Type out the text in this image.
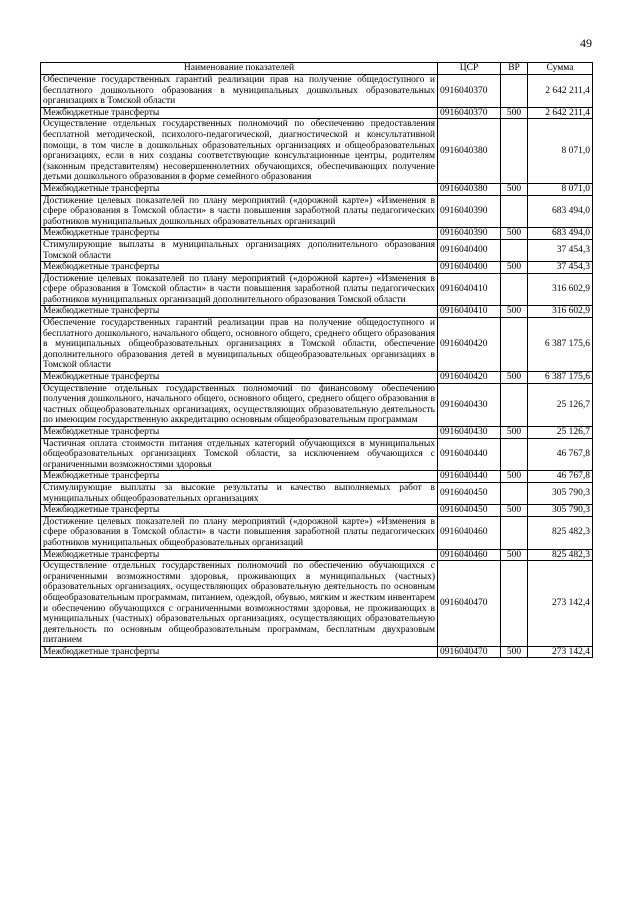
49
Наименование показателей	ЦСР	ВР	Сумма
Обеспечение государственных гарантий реализации прав на получение общедоступного и бесплатного дошкольного образования в муниципальных дошкольных образовательных организациях в Томской области	0916040370		2 642 211,4
Межбюджетные трансферты	0916040370	500	2 642 211,4
Осуществление отдельных государственных полномочий по обеспечению предоставления бесплатной методической, психолого-педагогической, диагностической и консультативной помощи, в том числе в дошкольных образовательных организациях и общеобразовательных организациях, если в них созданы соответствующие консультационные центры, родителям (законным представителям) несовершеннолетних обучающихся, обеспечивающих получение детьми дошкольного образования в форме семейного образования	0916040380		8 071,0
Межбюджетные трансферты	0916040380	500	8 071,0
Достижение целевых показателей по плану мероприятий («дорожной карте») «Изменения в сфере образования в Томской области» в части повышения заработной платы педагогических работников муниципальных дошкольных образовательных организаций	0916040390		683 494,0
Межбюджетные трансферты	0916040390	500	683 494,0
Стимулирующие выплаты в муниципальных организациях дополнительного образования Томской области	0916040400		37 454,3
Межбюджетные трансферты	0916040400	500	37 454,3
Достижение целевых показателей по плану мероприятий («дорожной карте») «Изменения в сфере образования в Томской области» в части повышения заработной платы педагогических работников муниципальных организаций дополнительного образования Томской области	0916040410		316 602,9
Межбюджетные трансферты	0916040410	500	316 602,9
Обеспечение государственных гарантий реализации прав на получение общедоступного и бесплатного дошкольного, начального общего, основного общего, среднего общего образования в муниципальных общеобразовательных организациях в Томской области, обеспечение дополнительного образования детей в муниципальных общеобразовательных организациях в Томской области	0916040420		6 387 175,6
Межбюджетные трансферты	0916040420	500	6 387 175,6
Осуществление отдельных государственных полномочий по финансовому обеспечению получения дошкольного, начального общего, основного общего, среднего общего образования в частных общеобразовательных организациях, осуществляющих образовательную деятельность по имеющим государственную аккредитацию основным общеобразовательным программам	0916040430		25 126,7
Межбюджетные трансферты	0916040430	500	25 126,7
Частичная оплата стоимости питания отдельных категорий обучающихся в муниципальных общеобразовательных организациях Томской области, за исключением обучающихся с ограниченными возможностями здоровья	0916040440		46 767,8
Межбюджетные трансферты	0916040440	500	46 767,8
Стимулирующие выплаты за высокие результаты и качество выполняемых работ в муниципальных общеобразовательных организациях	0916040450		305 790,3
Межбюджетные трансферты	0916040450	500	305 790,3
Достижение целевых показателей по плану мероприятий («дорожной карте») «Изменения в сфере образования в Томской области» в части повышения заработной платы педагогических работников муниципальных общеобразовательных организаций	0916040460		825 482,3
Межбюджетные трансферты	0916040460	500	825 482,3
Осуществление отдельных государственных полномочий по обеспечению обучающихся с ограниченными возможностями здоровья, проживающих в муниципальных (частных) образовательных организациях, осуществляющих образовательную деятельность по основным общеобразовательным программам, питанием, одеждой, обувью, мягким и жестким инвентарем и обеспечению обучающихся с ограниченными возможностями здоровья, не проживающих в муниципальных (частных) образовательных организациях, осуществляющих образовательную деятельность по основным общеобразовательным программам, бесплатным двухразовым питанием	0916040470		273 142,4
Межбюджетные трансферты	0916040470	500	273 142,4
